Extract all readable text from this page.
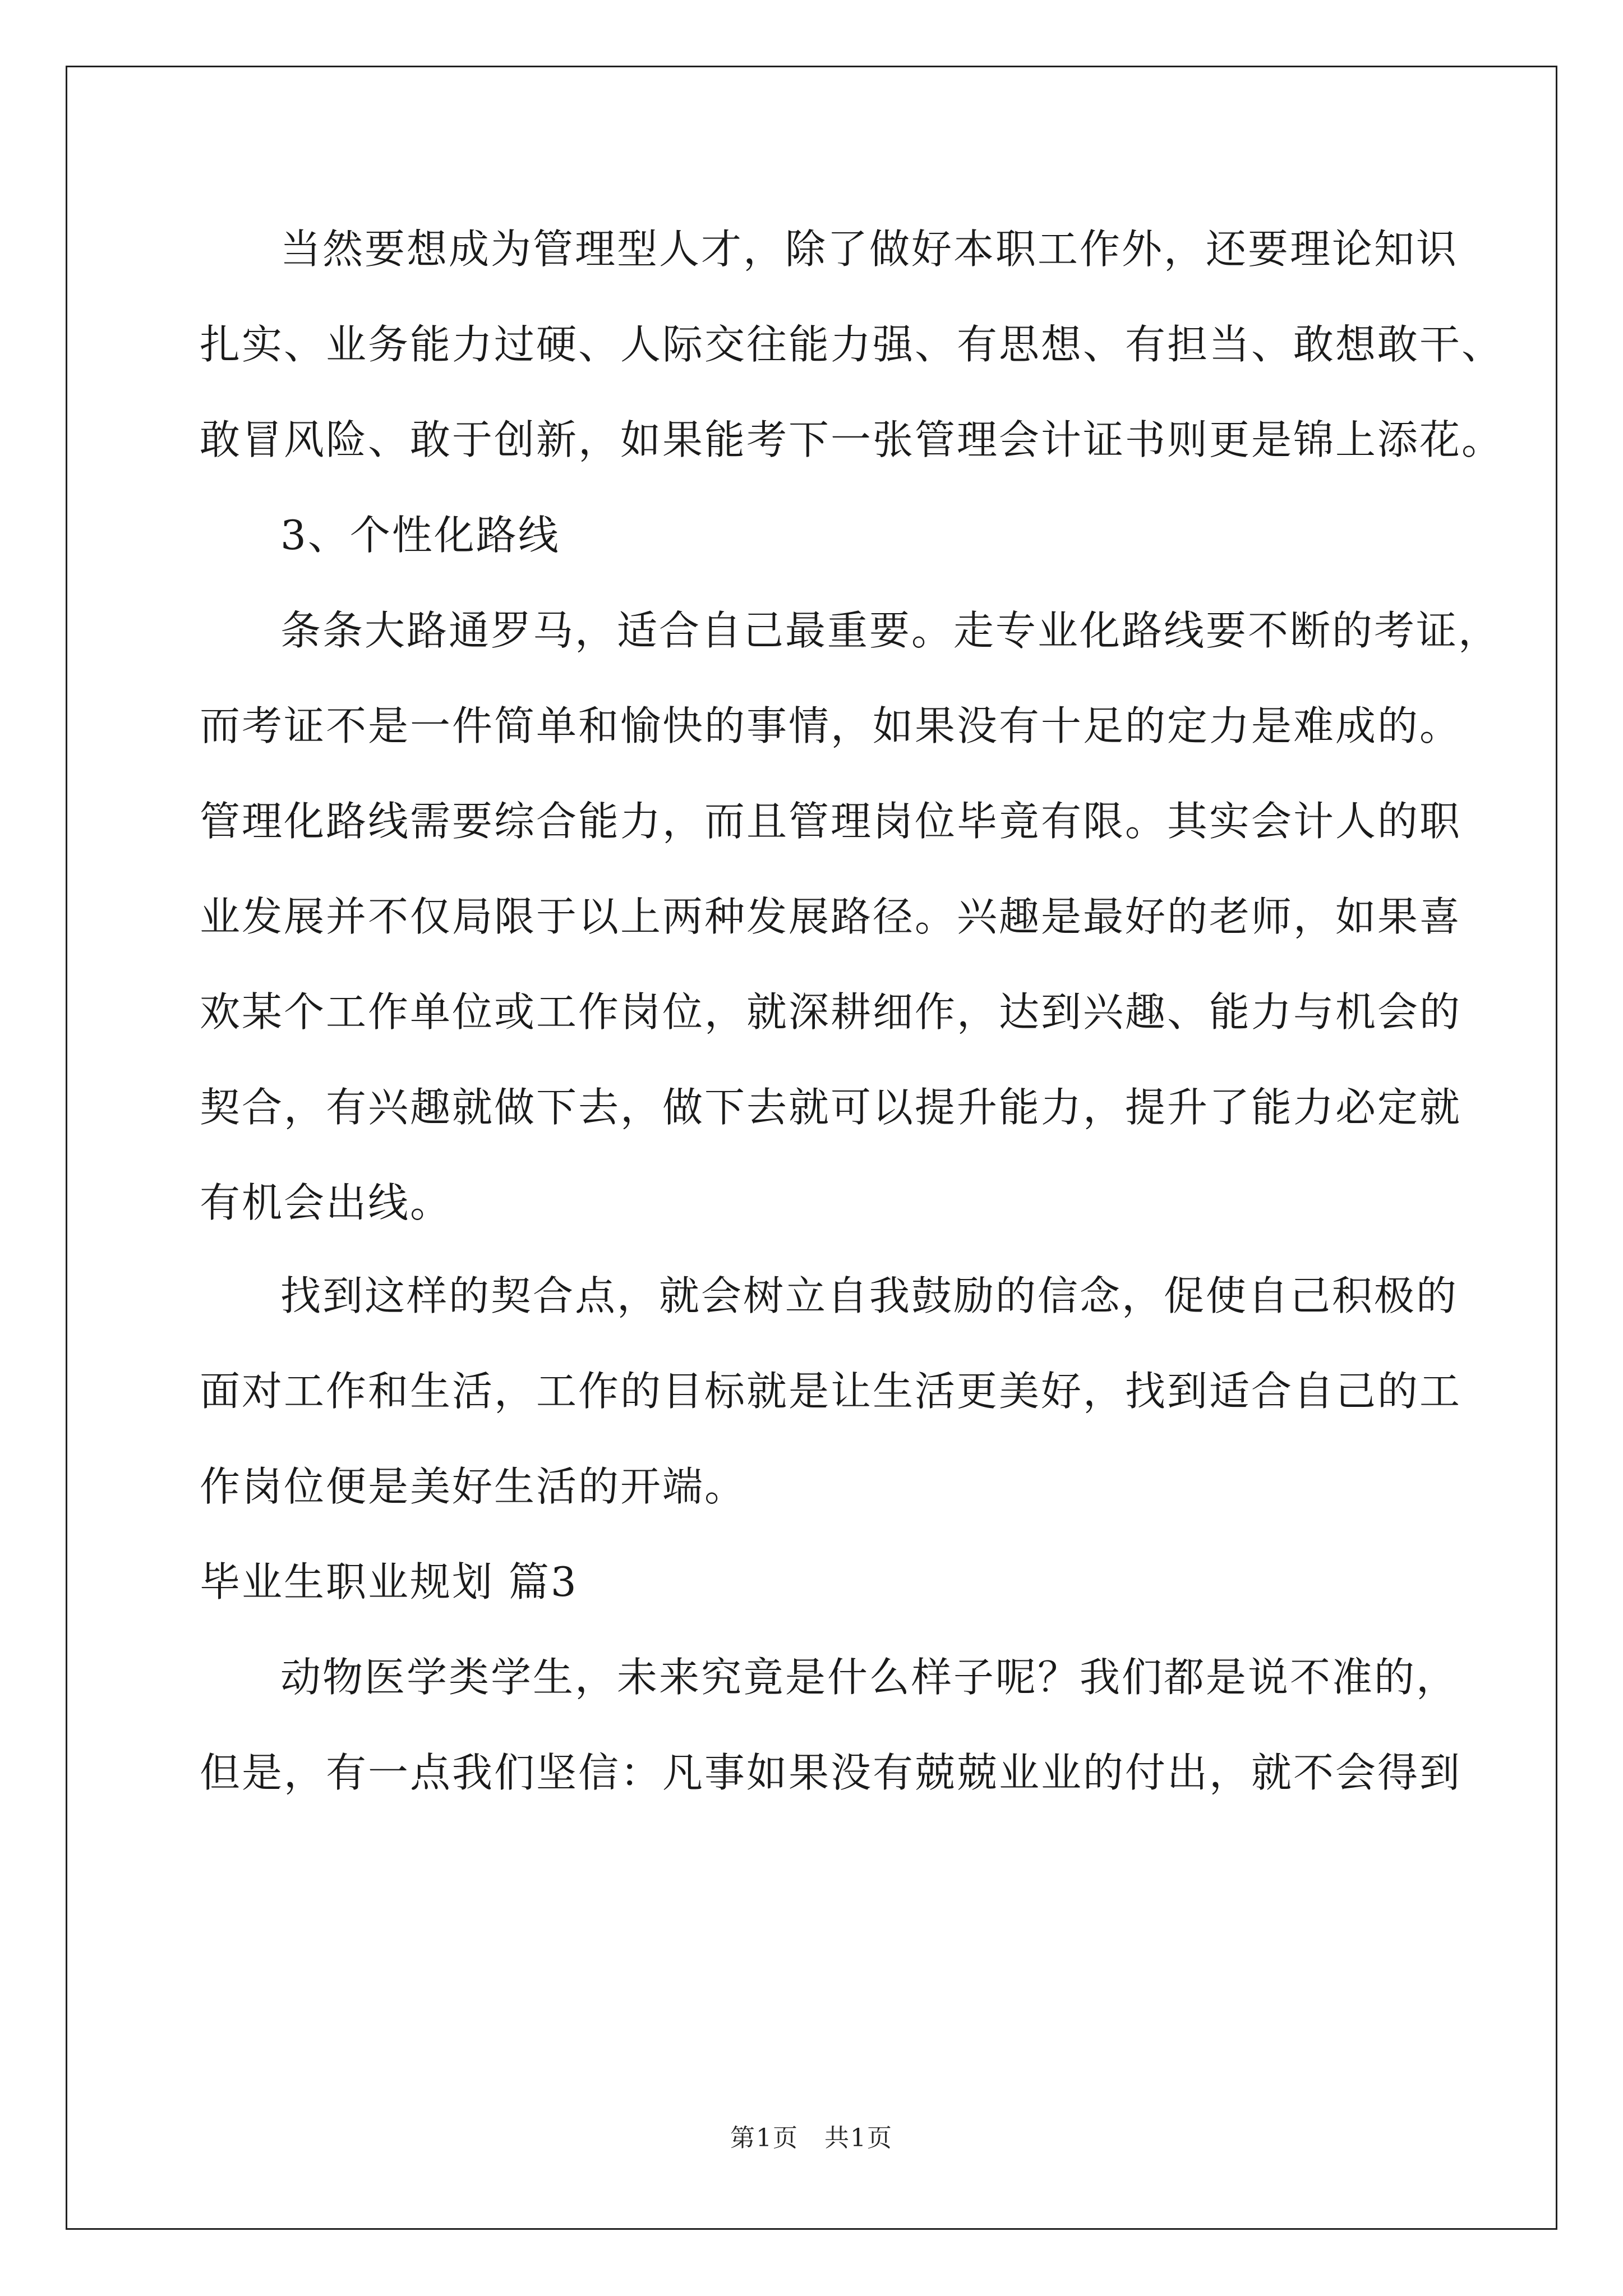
当然要想成为管理型人才，除了做好本职工作外，还要理论知识
扎实、业务能力过硬、人际交往能力强、有思想、有担当、敢想敢干、
敢冒风险、敢于创新，如果能考下一张管理会计证书则更是锦上添花。
3、个性化路线
条条大路通罗马，适合自己最重要。走专业化路线要不断的考证，
而考证不是一件简单和愉快的事情，如果没有十足的定力是难成的。
管理化路线需要综合能力，而且管理岗位毕竟有限。其实会计人的职
业发展并不仅局限于以上两种发展路径。兴趣是最好的老师，如果喜
欢某个工作单位或工作岗位，就深耕细作，达到兴趣、能力与机会的
契合，有兴趣就做下去，做下去就可以提升能力，提升了能力必定就
有机会出线。
找到这样的契合点，就会树立自我鼓励的信念，促使自己积极的
面对工作和生活，工作的目标就是让生活更美好，找到适合自己的工
作岗位便是美好生活的开端。
毕业生职业规划 篇3
动物医学类学生，未来究竟是什么样子呢？我们都是说不准的，
但是，有一点我们坚信：凡事如果没有兢兢业业的付出，就不会得到
第1页　共1页
